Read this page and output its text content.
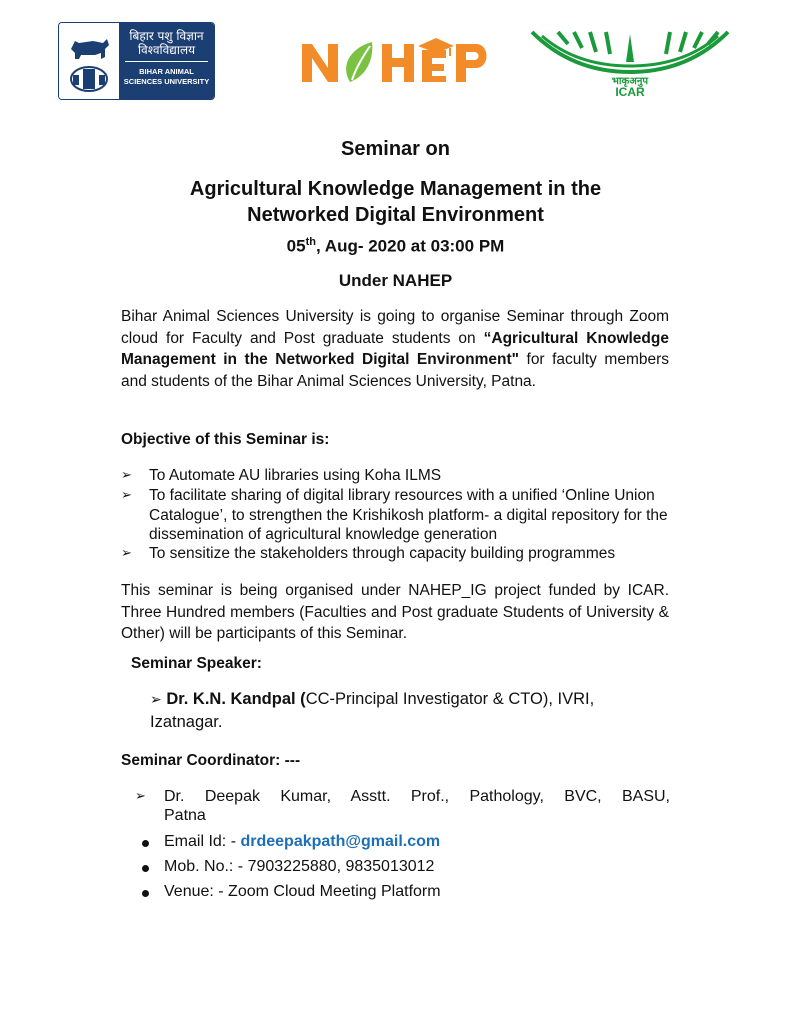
बिहार पशु विज्ञान विश्वविद्यालय
BIHAR ANIMAL SCIENCES UNIVERSITY	भाकृअनुप
ICAR
Seminar on
Agricultural Knowledge Management in the
Networked Digital Environment
05th, Aug- 2020 at 03:00 PM
Under NAHEP
Bihar Animal Sciences University is going to organise Seminar through Zoom cloud for Faculty and Post graduate students on “Agricultural Knowledge Management in the Networked Digital Environment" for faculty members and students of the Bihar Animal Sciences University, Patna.
Objective of this Seminar is:
➢ To Automate AU libraries using Koha ILMS
➢ To facilitate sharing of digital library resources with a unified ‘Online Union Catalogue’, to strengthen the Krishikosh platform- a digital repository for the dissemination of agricultural knowledge generation
➢ To sensitize the stakeholders through capacity building programmes
This seminar is being organised under NAHEP_IG project funded by ICAR. Three Hundred members (Faculties and Post graduate Students of University & Other) will be participants of this Seminar.
Seminar Speaker:
➢ Dr. K.N. Kandpal (CC-Principal Investigator & CTO), IVRI, Izatnagar.
Seminar Coordinator: ---
➢ Dr. Deepak Kumar, Asstt. Prof., Pathology, BVC, BASU,
Patna
Email Id: - drdeepakpath@gmail.com
Mob. No.: - 7903225880, 9835013012
Venue: - Zoom Cloud Meeting Platform
